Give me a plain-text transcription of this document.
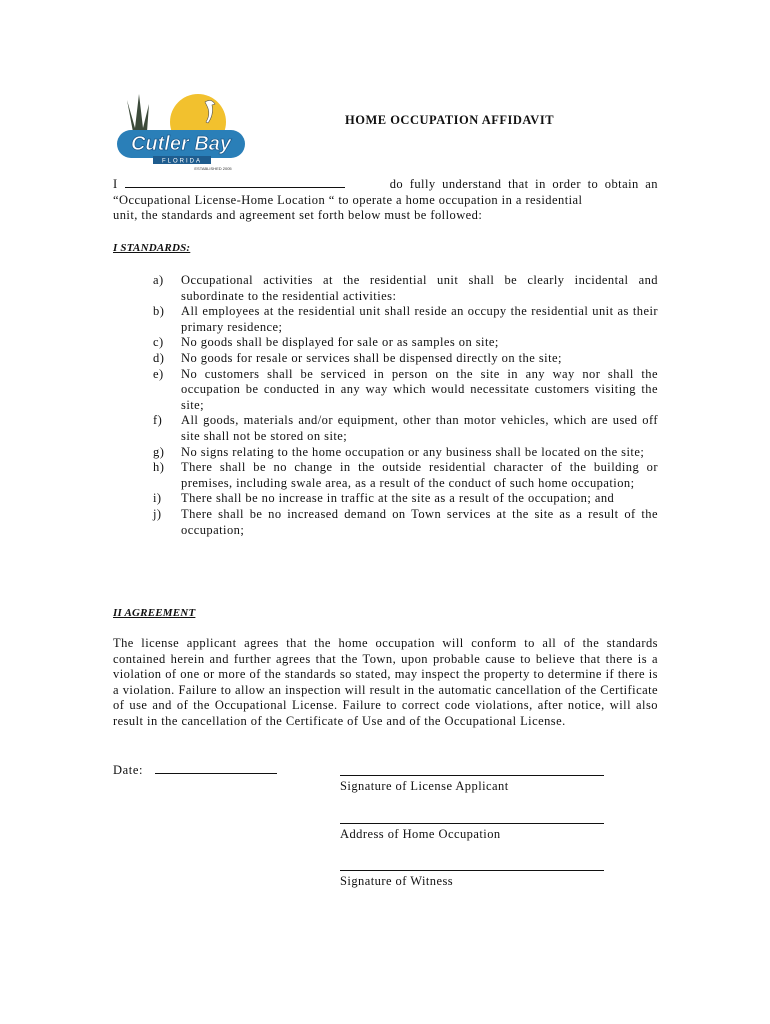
Cutler Bay
FLORIDA
ESTABLISHED 2005
HOME OCCUPATION AFFIDAVIT
I	do fully understand that in order to obtain an
“Occupational License-Home Location “ to operate a home occupation in a residential
unit, the standards and agreement set forth below must be followed:
I STANDARDS:
a)	Occupational activities at the residential unit shall be clearly incidental and subordinate to the residential activities:
b)	All employees at the residential unit shall reside an occupy the residential unit as their primary residence;
c)	No goods shall be displayed for sale or as samples on site;
d)	No goods for resale or services shall be dispensed directly on the site;
e)	No customers shall be serviced in person on the site in any way nor shall the occupation be conducted in any way which would necessitate customers visiting the site;
f)	All goods, materials and/or equipment, other than motor vehicles, which are used off site shall not be stored on site;
g)	No signs relating to the home occupation or any business shall be located on the site;
h)	There shall be no change in the outside residential character of the building or premises, including swale area, as a result of the conduct of such home occupation;
i)	There shall be no increase in traffic at the site as a result of the occupation; and
j)	There shall be no increased demand on Town services at the site as a result of the occupation;
II AGREEMENT
The license applicant agrees that the home occupation will conform to all of the standards contained herein and further agrees that the Town, upon probable cause to believe that there is a violation of one or more of the standards so stated, may inspect the property to determine if there is a violation. Failure to allow an inspection will result in the automatic cancellation of the Certificate of use and of the Occupational License. Failure to correct code violations, after notice, will also result in the cancellation of the Certificate of Use and of the Occupational License.
Date:
Signature of License Applicant
Address of Home Occupation
Signature of Witness
